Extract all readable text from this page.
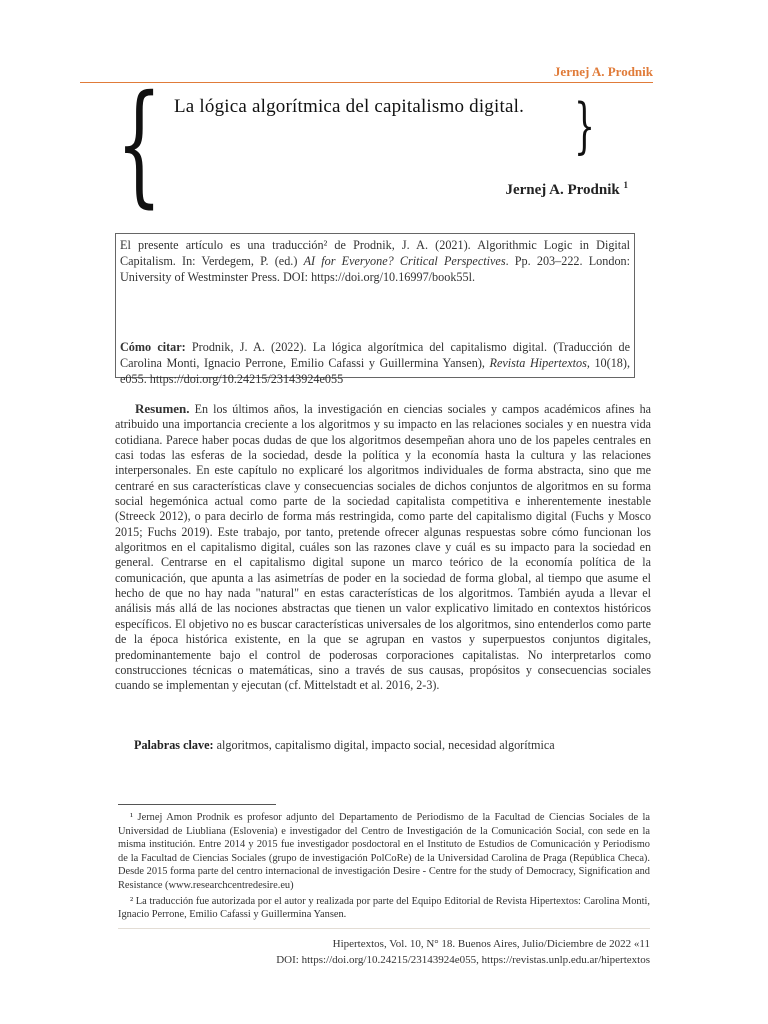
Jernej A. Prodnik
{ La lógica algorítmica del capitalismo digital. }
Jernej A. Prodnik $^1$

El presente artículo es una traducción² de Prodnik, J. A. (2021). Algorithmic Logic in Digital Capitalism. In: Verdegem, P. (ed.) AI for Everyone? Critical Perspectives. Pp. 203–222. London: University of Westminster Press. DOI: https://doi.org/10.16997/book55l.

Cómo citar: Prodnik, J. A. (2022). La lógica algorítmica del capitalismo digital. (Traducción de Carolina Monti, Ignacio Perrone, Emilio Cafassi y Guillermina Yansen), Revista Hipertextos, 10(18), e055. https://doi.org/10.24215/23143924e055

Resumen. En los últimos años, la investigación en ciencias sociales y campos académicos afines ha atribuido una importancia creciente a los algoritmos y su impacto en las relaciones sociales y en nuestra vida cotidiana. Parece haber pocas dudas de que los algoritmos desempeñan ahora uno de los papeles centrales en casi todas las esferas de la sociedad, desde la política y la economía hasta la cultura y las relaciones interpersonales. En este capítulo no explicaré los algoritmos individuales de forma abstracta, sino que me centraré en sus características clave y consecuencias sociales de dichos conjuntos de algoritmos en su forma social hegemónica actual como parte de la sociedad capitalista competitiva e inherentemente inestable (Streeck 2012), o para decirlo de forma más restringida, como parte del capitalismo digital (Fuchs y Mosco 2015; Fuchs 2019). Este trabajo, por tanto, pretende ofrecer algunas respuestas sobre cómo funcionan los algoritmos en el capitalismo digital, cuáles son las razones clave y cuál es su impacto para la sociedad en general. Centrarse en el capitalismo digital supone un marco teórico de la economía política de la comunicación, que apunta a las asimetrías de poder en la sociedad de forma global, al tiempo que asume el hecho de que no hay nada "natural" en estas características de los algoritmos. También ayuda a llevar el análisis más allá de las nociones abstractas que tienen un valor explicativo limitado en contextos históricos específicos. El objetivo no es buscar características universales de los algoritmos, sino entenderlos como parte de la época histórica existente, en la que se agrupan en vastos y superpuestos conjuntos digitales, predominantemente bajo el control de poderosas corporaciones capitalistas. No interpretarlos como construcciones técnicas o matemáticas, sino a través de sus causas, propósitos y consecuencias sociales cuando se implementan y ejecutan (cf. Mittelstadt et al. 2016, 2-3).
Palabras clave: algoritmos, capitalismo digital, impacto social, necesidad algorítmica

¹ Jernej Amon Prodnik es profesor adjunto del Departamento de Periodismo de la Facultad de Ciencias Sociales de la Universidad de Liubliana (Eslovenia) e investigador del Centro de Investigación de la Comunicación Social, con sede en la misma institución. Entre 2014 y 2015 fue investigador posdoctoral en el Instituto de Estudios de Comunicación y Periodismo de la Facultad de Ciencias Sociales (grupo de investigación PolCoRe) de la Universidad Carolina de Praga (República Checa). Desde 2015 forma parte del centro internacional de investigación Desire - Centre for the study of Democracy, Signification and Resistance (www.researchcentredesire.eu)

² La traducción fue autorizada por el autor y realizada por parte del Equipo Editorial de Revista Hipertextos: Carolina Monti, Ignacio Perrone, Emilio Cafassi y Guillermina Yansen.

Hipertextos, Vol. 10, N° 18. Buenos Aires, Julio/Diciembre de 2022 «11
DOI: https://doi.org/10.24215/23143924e055, https://revistas.unlp.edu.ar/hipertextos
